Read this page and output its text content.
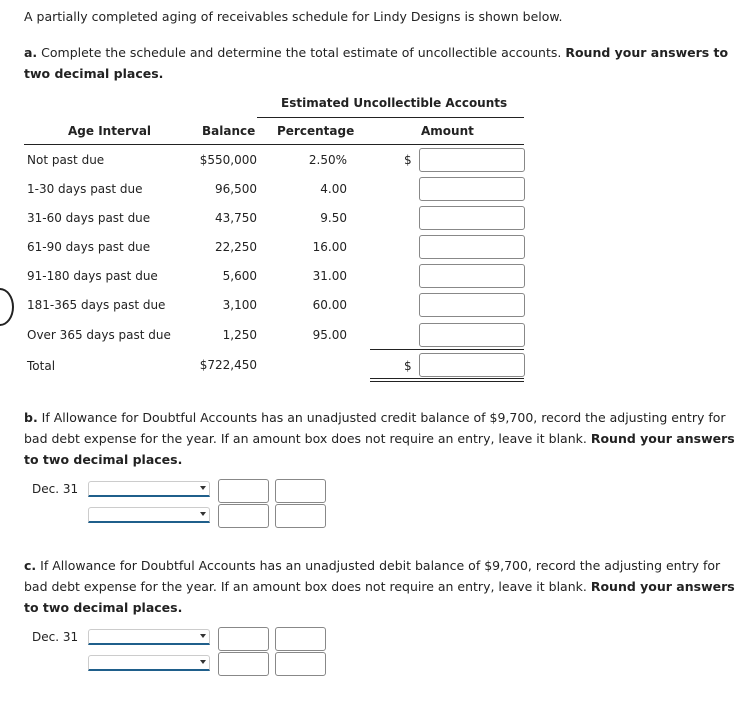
A partially completed aging of receivables schedule for Lindy Designs is shown below.
a. Complete the schedule and determine the total estimate of uncollectible accounts. Round your answers to two decimal places.
Estimated Uncollectible Accounts
Age Interval	Balance Percentage	Amount
Not past due	$550,000	2.50%	$
1-30 days past due	96,500	4.00
31-60 days past due	43,750	9.50
61-90 days past due	22,250	16.00
91-180 days past due	5,600	31.00
181-365 days past due	3,100	60.00
Over 365 days past due	1,250	95.00
Total	$722,450	$
b. If Allowance for Doubtful Accounts has an unadjusted credit balance of $9,700, record the adjusting entry for bad debt expense for the year. If an amount box does not require an entry, leave it blank. Round your answers to two decimal places.
Dec. 31
c. If Allowance for Doubtful Accounts has an unadjusted debit balance of $9,700, record the adjusting entry for bad debt expense for the year. If an amount box does not require an entry, leave it blank. Round your answers to two decimal places.
Dec. 31
